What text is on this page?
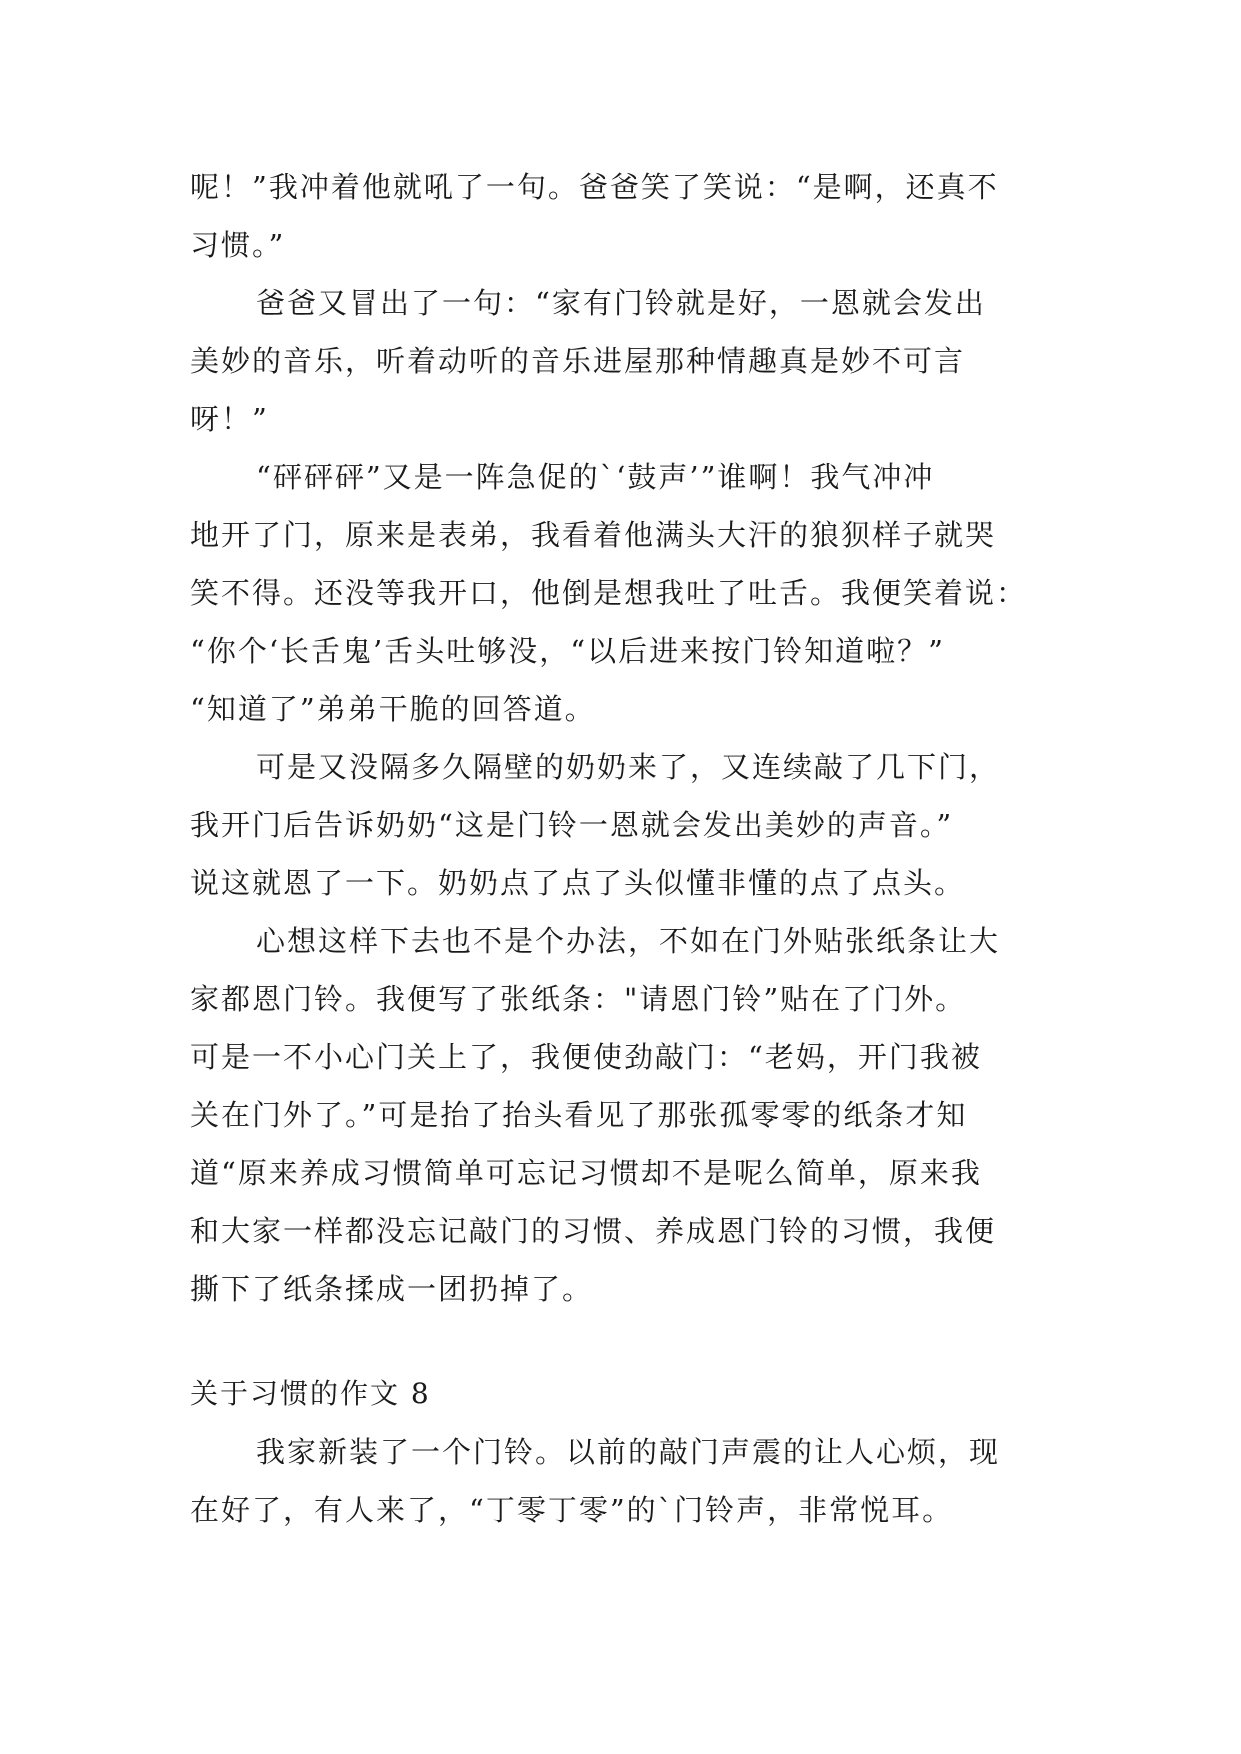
呢！”我冲着他就吼了一句。爸爸笑了笑说：“是啊，还真不
习惯。”
爸爸又冒出了一句：“家有门铃就是好，一恩就会发出
美妙的音乐，听着动听的音乐进屋那种情趣真是妙不可言
呀！”
“砰砰砰”又是一阵急促的`‘鼓声’”谁啊！我气冲冲
地开了门，原来是表弟，我看着他满头大汗的狼狈样子就哭
笑不得。还没等我开口，他倒是想我吐了吐舌。我便笑着说：
“你个‘长舌鬼’舌头吐够没，“以后进来按门铃知道啦？”
“知道了”弟弟干脆的回答道。
可是又没隔多久隔壁的奶奶来了，又连续敲了几下门，
我开门后告诉奶奶“这是门铃一恩就会发出美妙的声音。”
说这就恩了一下。奶奶点了点了头似懂非懂的点了点头。
心想这样下去也不是个办法，不如在门外贴张纸条让大
家都恩门铃。我便写了张纸条："请恩门铃”贴在了门外。
可是一不小心门关上了，我便使劲敲门：“老妈，开门我被
关在门外了。”可是抬了抬头看见了那张孤零零的纸条才知
道“原来养成习惯简单可忘记习惯却不是呢么简单，原来我
和大家一样都没忘记敲门的习惯、养成恩门铃的习惯，我便
撕下了纸条揉成一团扔掉了。
关于习惯的作文 8
我家新装了一个门铃。以前的敲门声震的让人心烦，现
在好了，有人来了，“丁零丁零”的`门铃声，非常悦耳。
